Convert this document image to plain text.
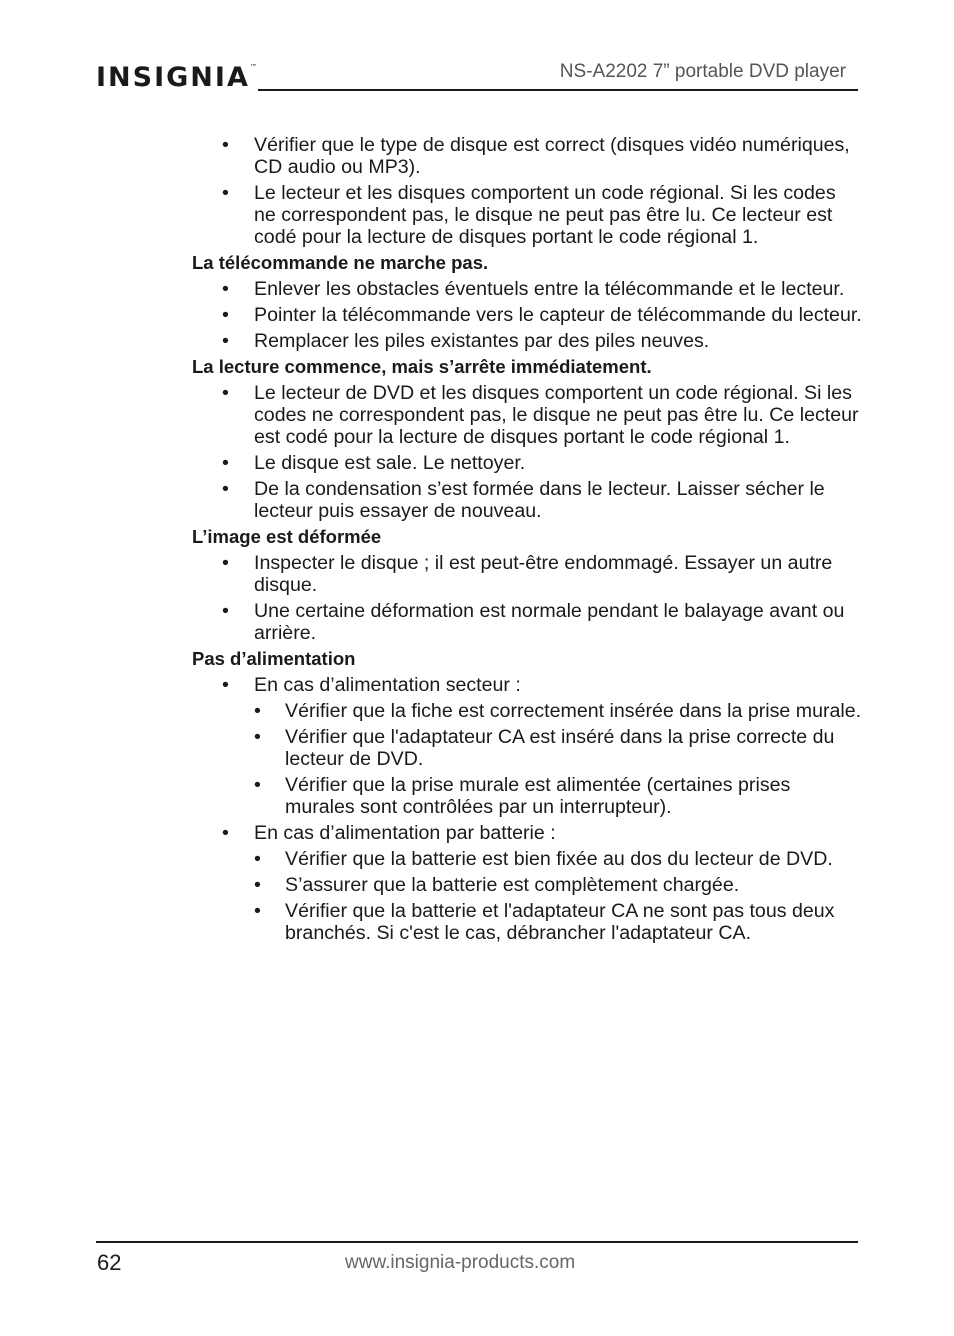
INSIGNIA™	NS-A2202 7” portable DVD player
• Vérifier que le type de disque est correct (disques vidéo numériques, CD audio ou MP3).
• Le lecteur et les disques comportent un code régional. Si les codes ne correspondent pas, le disque ne peut pas être lu. Ce lecteur est codé pour la lecture de disques portant le code régional 1.
La télécommande ne marche pas.
• Enlever les obstacles éventuels entre la télécommande et le lecteur.
• Pointer la télécommande vers le capteur de télécommande du lecteur.
• Remplacer les piles existantes par des piles neuves.
La lecture commence, mais s’arrête immédiatement.
• Le lecteur de DVD et les disques comportent un code régional. Si les codes ne correspondent pas, le disque ne peut pas être lu. Ce lecteur est codé pour la lecture de disques portant le code régional 1.
• Le disque est sale. Le nettoyer.
• De la condensation s’est formée dans le lecteur. Laisser sécher le lecteur puis essayer de nouveau.
L’image est déformée
• Inspecter le disque ; il est peut-être endommagé. Essayer un autre disque.
• Une certaine déformation est normale pendant le balayage avant ou arrière.
Pas d’alimentation
• En cas d’alimentation secteur :
• Vérifier que la fiche est correctement insérée dans la prise murale.
• Vérifier que l'adaptateur CA est inséré dans la prise correcte du lecteur de DVD.
• Vérifier que la prise murale est alimentée (certaines prises murales sont contrôlées par un interrupteur).
• En cas d’alimentation par batterie :
• Vérifier que la batterie est bien fixée au dos du lecteur de DVD.
• S’assurer que la batterie est complètement chargée.
• Vérifier que la batterie et l'adaptateur CA ne sont pas tous deux branchés. Si c'est le cas, débrancher l'adaptateur CA.
62	www.insignia-products.com
